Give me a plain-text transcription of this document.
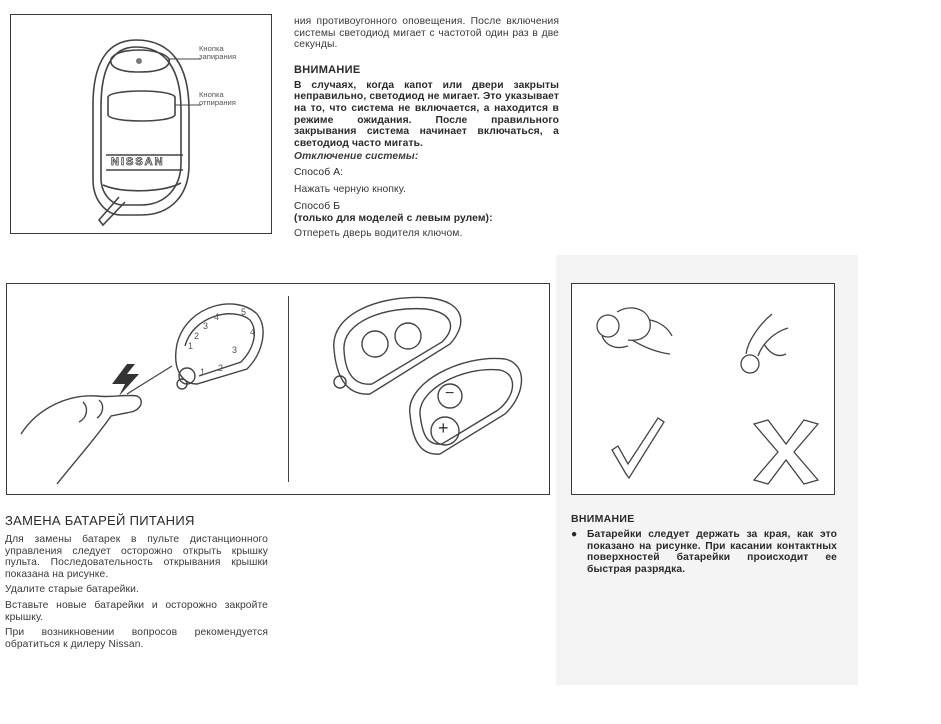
Кнопка запирания
Кнопка отпирания
NISSAN

ния противоугонного оповещения. После включения системы светодиод мигает с частотой один раз в две секунды.

ВНИМАНИЕ

В случаях, когда капот или двери закрыты неправильно, светодиод не мигает. Это указывает на то, что система не включается, а находится в режиме ожидания. После правильного закрывания система начинает включаться, а светодиод часто мигать.

Отключение системы:

Способ А:

Нажать черную кнопку.

Способ Б

(только для моделей с левым рулем):

Отпереть дверь водителя ключом.

1
2
3
4 5
4
3
2
1
+
−

ЗАМЕНА БАТАРЕЙ ПИТАНИЯ

Для замены батарек в пульте дистанционного управления следует осторожно открыть крышку пульта. Последовательность открывания крышки показана на рисунке.

Удалите старые батарейки.

Вставьте новые батарейки и осторожно закройте крышку.

При возникновении вопросов рекомендуется обратиться к дилеру Nissan.

ВНИМАНИЕ

● Батарейки следует держать за края, как это показано на рисунке. При касании контактных поверхностей батарейки происходит ее быстрая разрядка.
